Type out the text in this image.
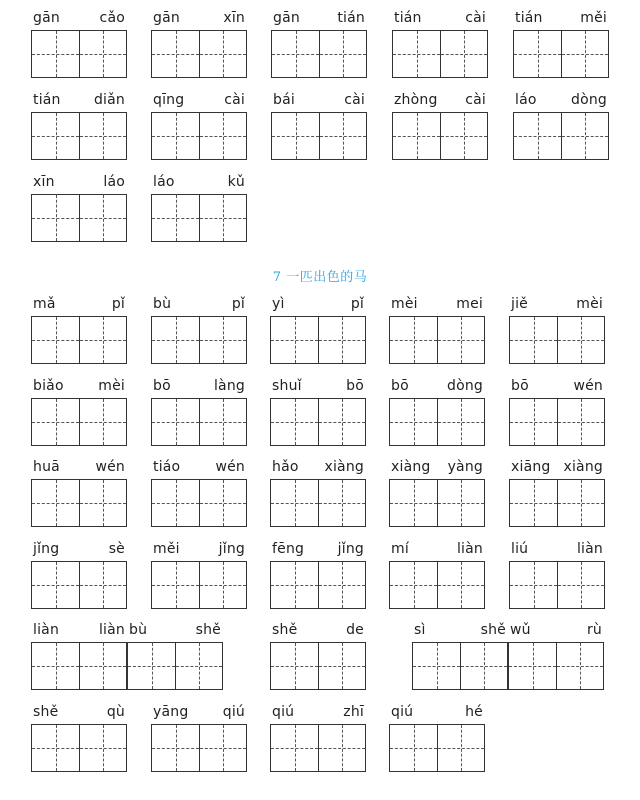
7 一匹出色的马
gān	cǎo gān	xīn gān	tián tián	cài tián	měi
tián diǎn qīng	cài bái	cài zhòng cài láo dòng
xīn	láo láo	kǔ
mǎ	pǐ bù	pǐ yì	pǐ mèi	mei jiě	mèi
biǎo mèi bō	làng shuǐ	bō bō	dòng bō	wén
huā	wén tiáo	wén hǎo xiàng xiàng yàng xiāng xiàng
jǐng	sè měi	jǐng fēng jǐng mí	liàn liú	liàn
liàn	liàn bù	shě	shě	de	sì	shě wǔ	rù
shě	qù yāng qiú qiú	zhī qiú	hé
